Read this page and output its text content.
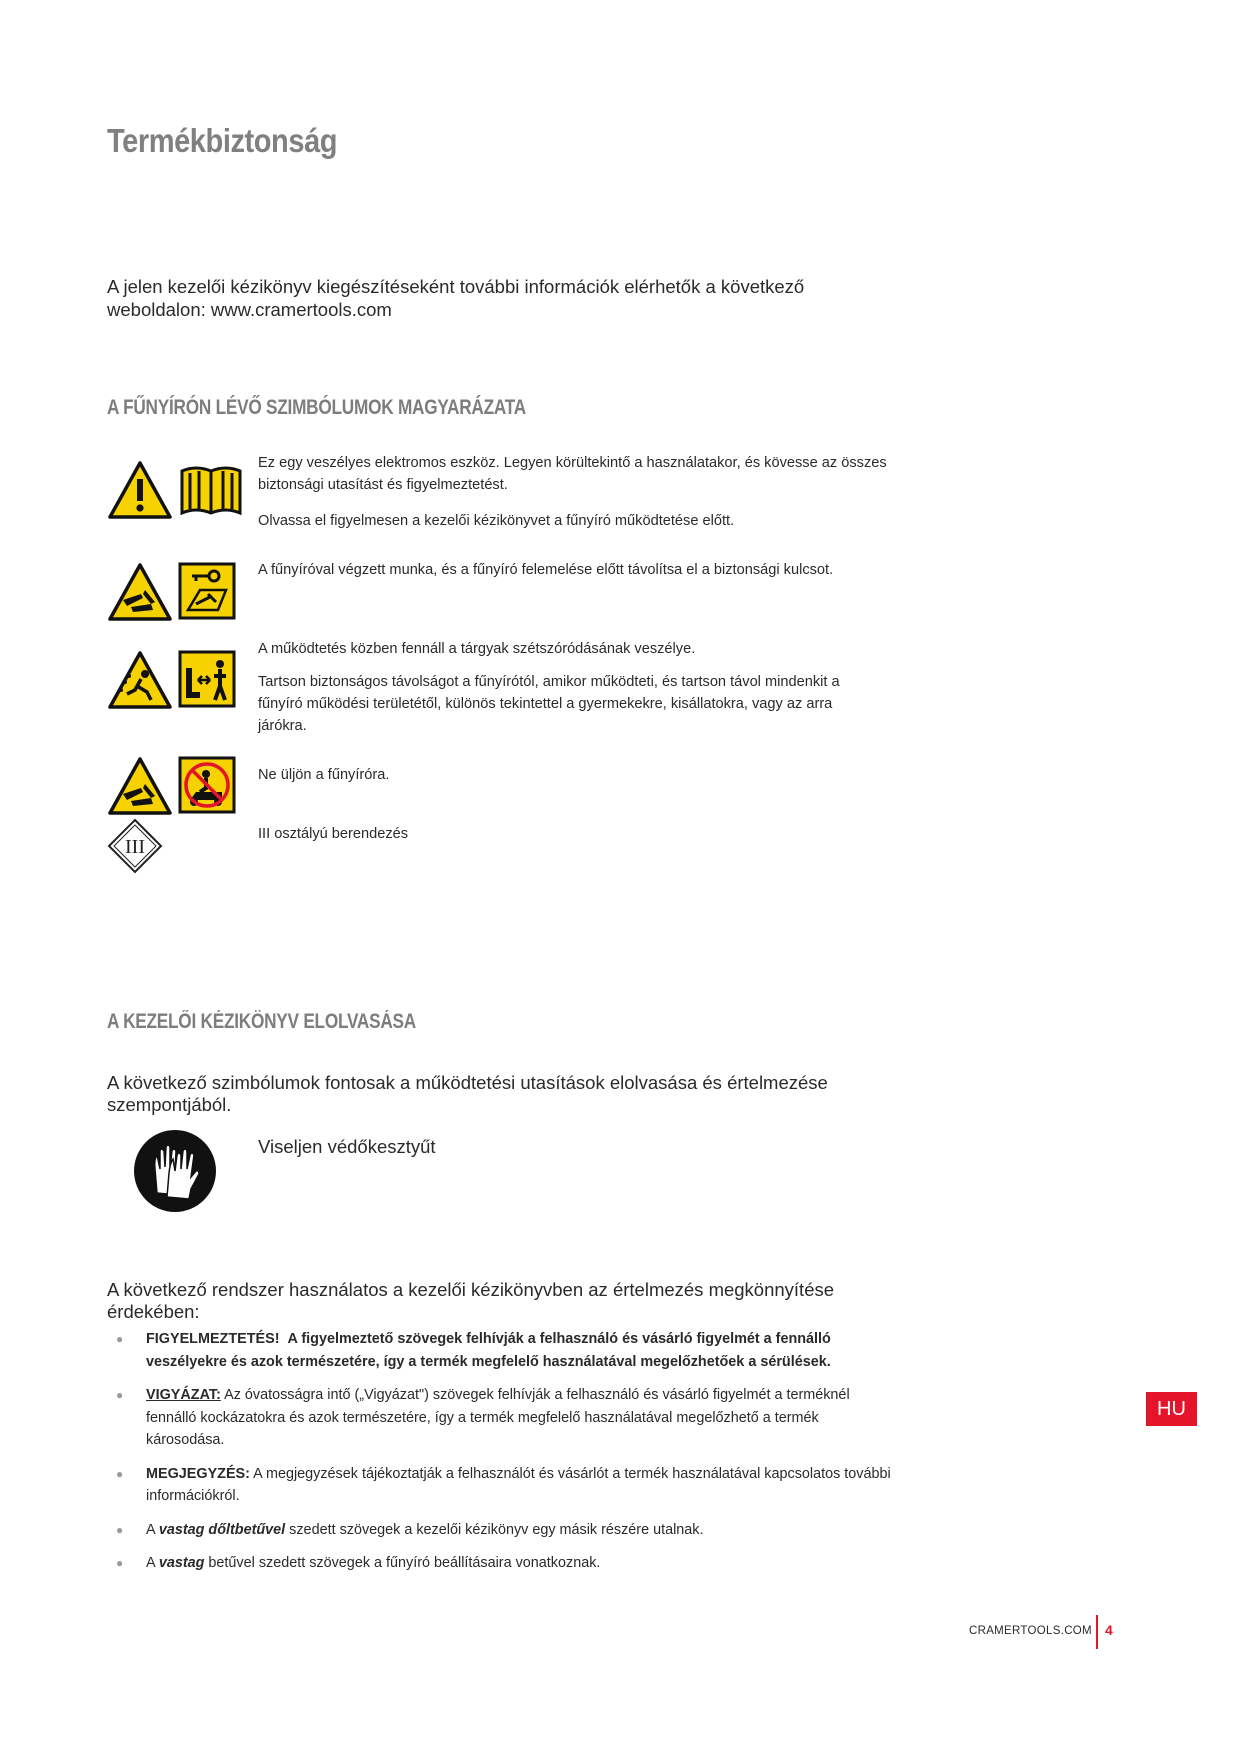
Termékbiztonság
A jelen kezelői kézikönyv kiegészítéseként további információk elérhetők a következő
weboldalon: www.cramertools.com
A FŰNYÍRÓN LÉVŐ SZIMBÓLUMOK MAGYARÁZATA
Ez egy veszélyes elektromos eszköz. Legyen körültekintő a használatakor, és kövesse az összes biztonsági utasítást és figyelmeztetést.
Olvassa el figyelmesen a kezelői kézikönyvet a fűnyíró működtetése előtt.
A fűnyíróval végzett munka, és a fűnyíró felemelése előtt távolítsa el a biztonsági kulcsot.
A működtetés közben fennáll a tárgyak szétszóródásának veszélye.
Tartson biztonságos távolságot a fűnyírótól, amikor működteti, és tartson távol mindenkit a fűnyíró működési területétől, különös tekintettel a gyermekekre, kisállatokra, vagy az arra járókra.
Ne üljön a fűnyíróra.
III
III osztályú berendezés
A KEZELŐI KÉZIKÖNYV ELOLVASÁSA
A következő szimbólumok fontosak a működtetési utasítások elolvasása és értelmezése szempontjából.
Viseljen védőkesztyűt
A következő rendszer használatos a kezelői kézikönyvben az értelmezés megkönnyítése érdekében:
● FIGYELMEZTETÉS! A figyelmeztető szövegek felhívják a felhasználó és vásárló figyelmét a fennálló veszélyekre és azok természetére, így a termék megfelelő használatával megelőzhetőek a sérülések.
● VIGYÁZAT: Az óvatosságra intő („Vigyázat") szövegek felhívják a felhasználó és vásárló figyelmét a terméknél fennálló kockázatokra és azok természetére, így a termék megfelelő használatával megelőzhető a termék károsodása.
● MEGJEGYZÉS: A megjegyzések tájékoztatják a felhasználót és vásárlót a termék használatával kapcsolatos további információkról.
● A vastag dőltbetűvel szedett szövegek a kezelői kézikönyv egy másik részére utalnak.
● A vastag betűvel szedett szövegek a fűnyíró beállításaira vonatkoznak.
HU
CRAMERTOOLS.COM 4
